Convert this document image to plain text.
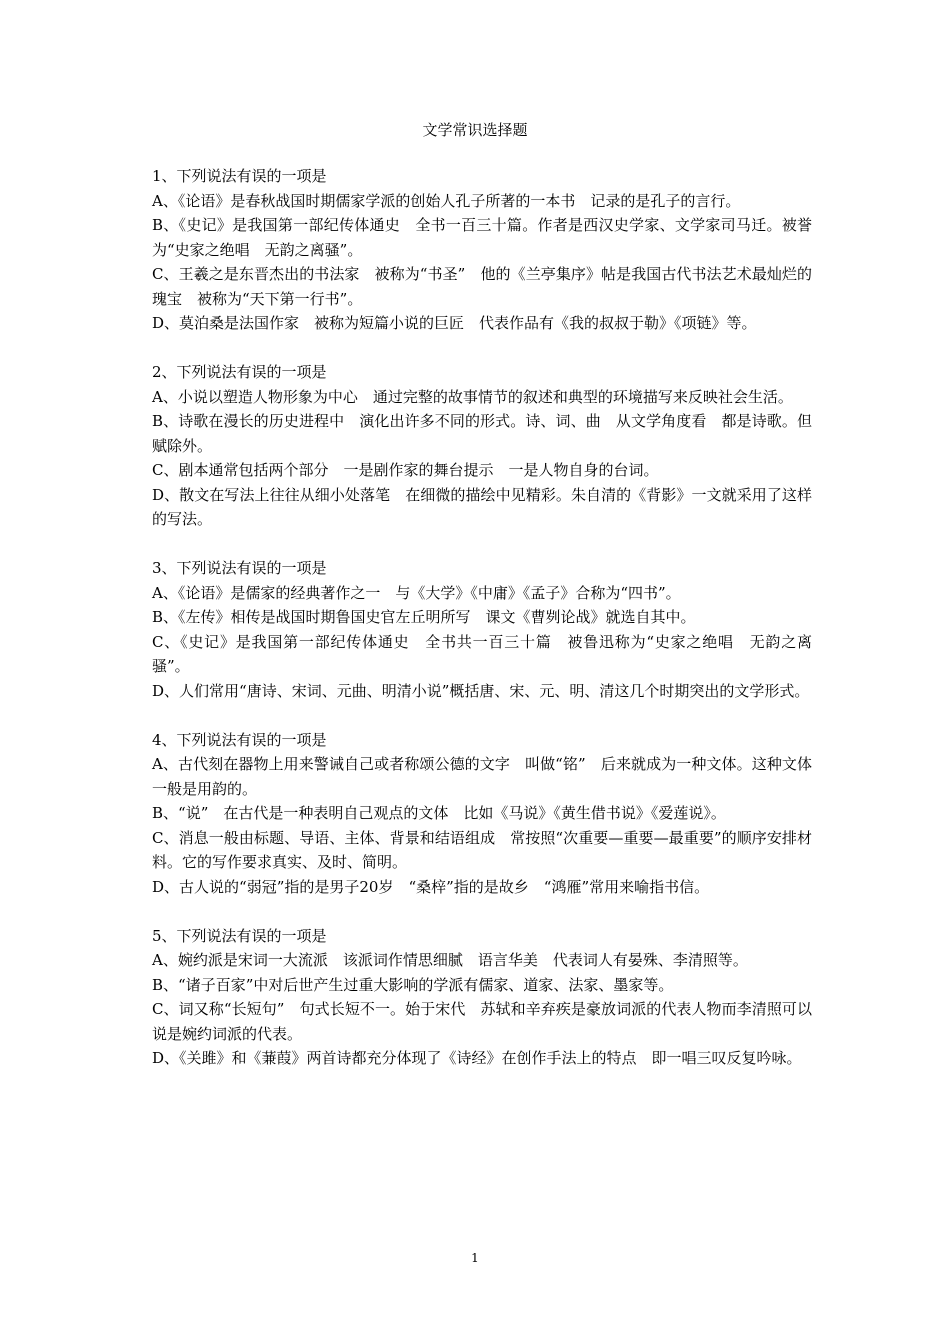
文学常识选择题

1、下列说法有误的一项是

A、《论语》是春秋战国时期儒家学派的创始人孔子所著的一本书　记录的是孔子的言行。

B、《史记》是我国第一部纪传体通史　全书一百三十篇。作者是西汉史学家、文学家司马迁。被誉为“史家之绝唱　无韵之离骚”。

C、王羲之是东晋杰出的书法家　被称为“书圣”　他的《兰亭集序》帖是我国古代书法艺术最灿烂的瑰宝　被称为“天下第一行书”。

D、莫泊桑是法国作家　被称为短篇小说的巨匠　代表作品有《我的叔叔于勒》《项链》等。

2、下列说法有误的一项是

A、小说以塑造人物形象为中心　通过完整的故事情节的叙述和典型的环境描写来反映社会生活。

B、诗歌在漫长的历史进程中　演化出许多不同的形式。诗、词、曲　从文学角度看　都是诗歌。但赋除外。

C、剧本通常包括两个部分　一是剧作家的舞台提示　一是人物自身的台词。

D、散文在写法上往往从细小处落笔　在细微的描绘中见精彩。朱自清的《背影》一文就采用了这样的写法。

3、下列说法有误的一项是

A、《论语》是儒家的经典著作之一　与《大学》《中庸》《孟子》合称为“四书”。

B、《左传》相传是战国时期鲁国史官左丘明所写　课文《曹刿论战》就选自其中。

C、《史记》是我国第一部纪传体通史　全书共一百三十篇　被鲁迅称为“史家之绝唱　无韵之离骚”。

D、人们常用“唐诗、宋词、元曲、明清小说”概括唐、宋、元、明、清这几个时期突出的文学形式。

4、下列说法有误的一项是

A、古代刻在器物上用来警诫自己或者称颂公德的文字　叫做“铭”　后来就成为一种文体。这种文体一般是用韵的。

B、“说”　在古代是一种表明自己观点的文体　比如《马说》《黄生借书说》《爱莲说》。

C、消息一般由标题、导语、主体、背景和结语组成　常按照“次重要—重要—最重要”的顺序安排材料。它的写作要求真实、及时、简明。

D、古人说的“弱冠”指的是男子20岁　“桑梓”指的是故乡　“鸿雁”常用来喻指书信。

5、下列说法有误的一项是

A、婉约派是宋词一大流派　该派词作情思细腻　语言华美　代表词人有晏殊、李清照等。

B、“诸子百家”中对后世产生过重大影响的学派有儒家、道家、法家、墨家等。

C、词又称“长短句”　句式长短不一。始于宋代　苏轼和辛弃疾是豪放词派的代表人物而李清照可以说是婉约词派的代表。

D、《关雎》和《蒹葭》两首诗都充分体现了《诗经》在创作手法上的特点　即一唱三叹反复吟咏。

1
